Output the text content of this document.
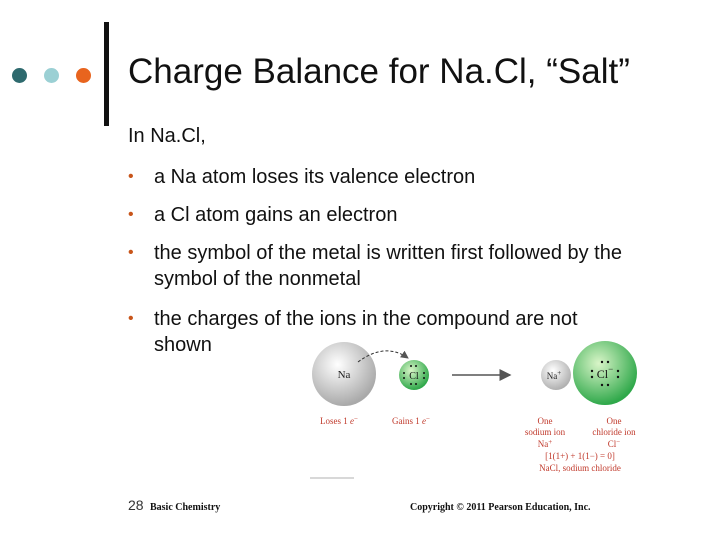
Charge Balance for Na.Cl, “Salt”
In Na.Cl,
• a Na atom loses its valence electron
• a Cl atom gains an electron
• the symbol of the metal is written first followed by the symbol of the nonmetal
• the charges of the ions in the compound are not shown
Na	Cl	Na+	Cl−
Loses 1 e−	Gains 1 e−	One
sodium ion
One
chloride ion
Na+	Cl−
[1(1+) + 1(1−) = 0]
NaCl, sodium chloride
28 Basic Chemistry	Copyright © 2011 Pearson Education, Inc.
